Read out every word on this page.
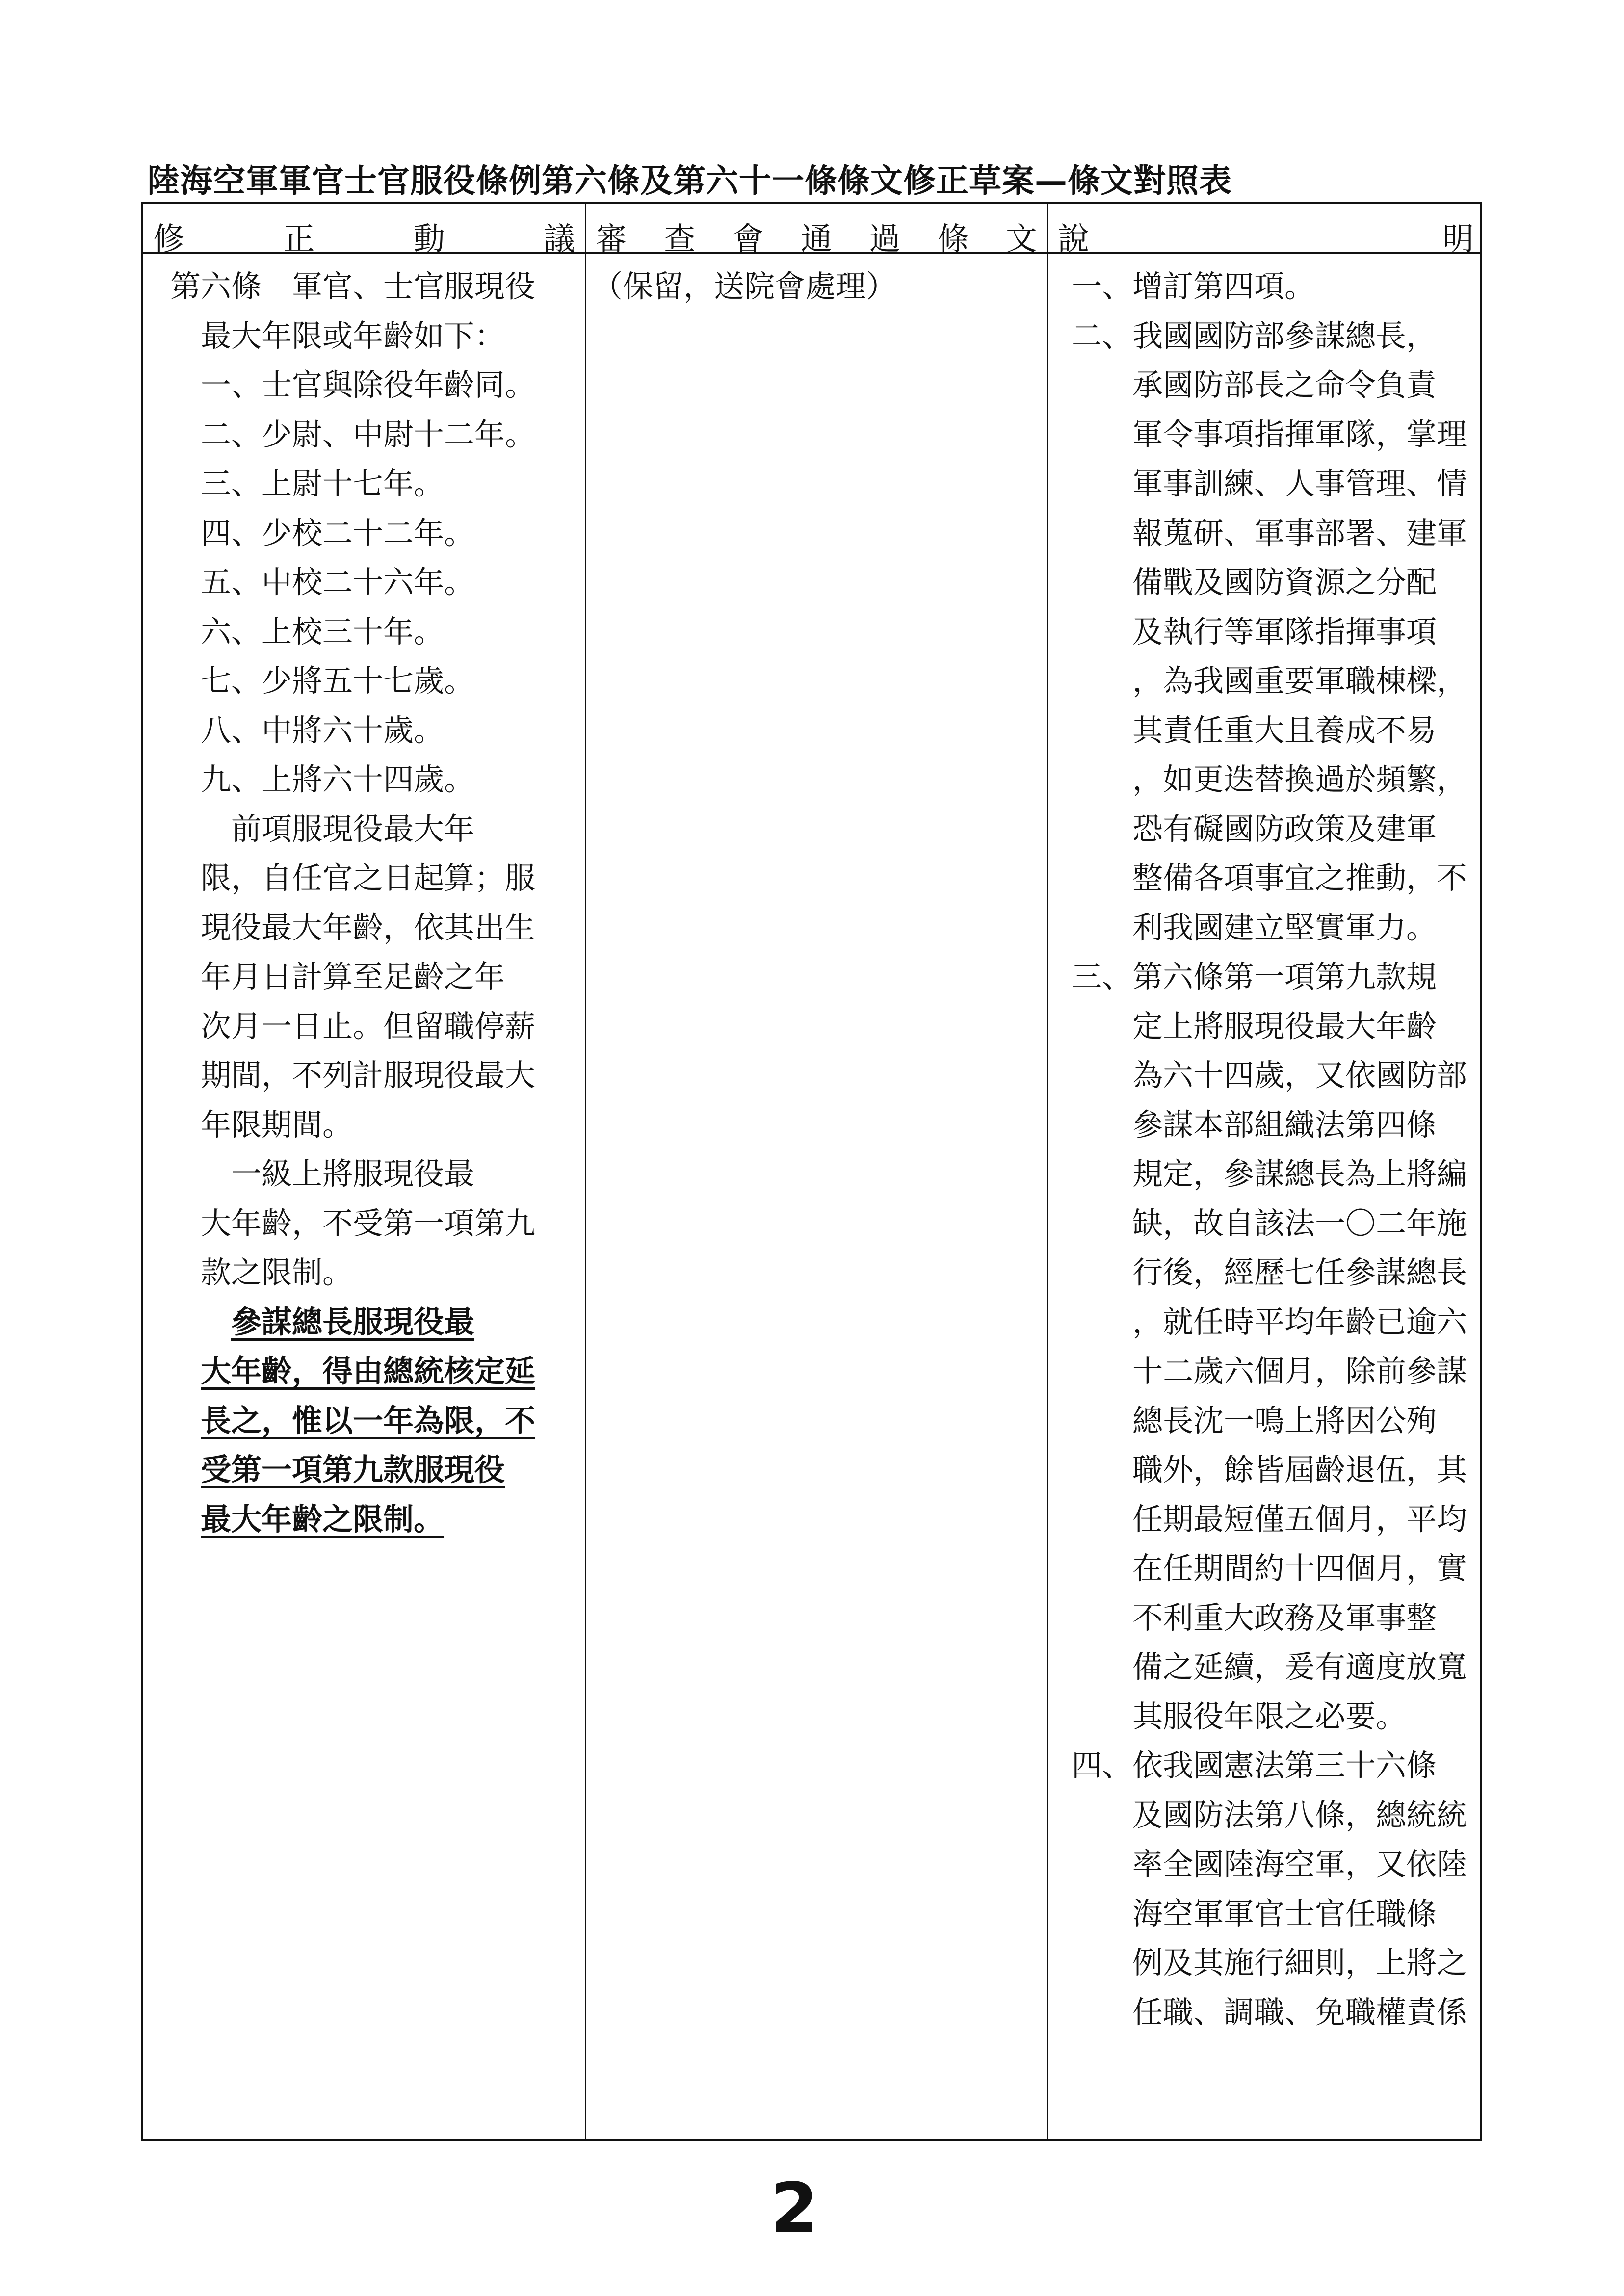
陸海空軍軍官士官服役條例第六條及第六十一條條文修正草案—條文對照表
修	正	動	議 審 查 會 通 過 條 文 說	明
第六條　軍官、士官服現役
最大年限或年齡如下：
一、士官與除役年齡同。
二、少尉、中尉十二年。
三、上尉十七年。
四、少校二十二年。
五、中校二十六年。
六、上校三十年。
七、少將五十七歲。
八、中將六十歲。
九、上將六十四歲。
前項服現役最大年
限，自任官之日起算；服
現役最大年齡，依其出生
年月日計算至足齡之年
次月一日止。但留職停薪
期間，不列計服現役最大
年限期間。
一級上將服現役最
大年齡，不受第一項第九
款之限制。
參謀總長服現役最
大年齡，得由總統核定延
長之，惟以一年為限，不
受第一項第九款服現役
最大年齡之限制。
（保留，送院會處理）	一、增訂第四項。
二、我國國防部參謀總長，
承國防部長之命令負責
軍令事項指揮軍隊，掌理
軍事訓練、人事管理、情
報蒐研、軍事部署、建軍
備戰及國防資源之分配
及執行等軍隊指揮事項
，為我國重要軍職棟樑，
其責任重大且養成不易
，如更迭替換過於頻繁，
恐有礙國防政策及建軍
整備各項事宜之推動，不
利我國建立堅實軍力。
三、第六條第一項第九款規
定上將服現役最大年齡
為六十四歲，又依國防部
參謀本部組織法第四條
規定，參謀總長為上將編
缺，故自該法一〇二年施
行後，經歷七任參謀總長
，就任時平均年齡已逾六
十二歲六個月，除前參謀
總長沈一鳴上將因公殉
職外，餘皆屆齡退伍，其
任期最短僅五個月，平均
在任期間約十四個月，實
不利重大政務及軍事整
備之延續，爰有適度放寬
其服役年限之必要。
四、依我國憲法第三十六條
及國防法第八條，總統統
率全國陸海空軍，又依陸
海空軍軍官士官任職條
例及其施行細則，上將之
任職、調職、免職權責係
2
